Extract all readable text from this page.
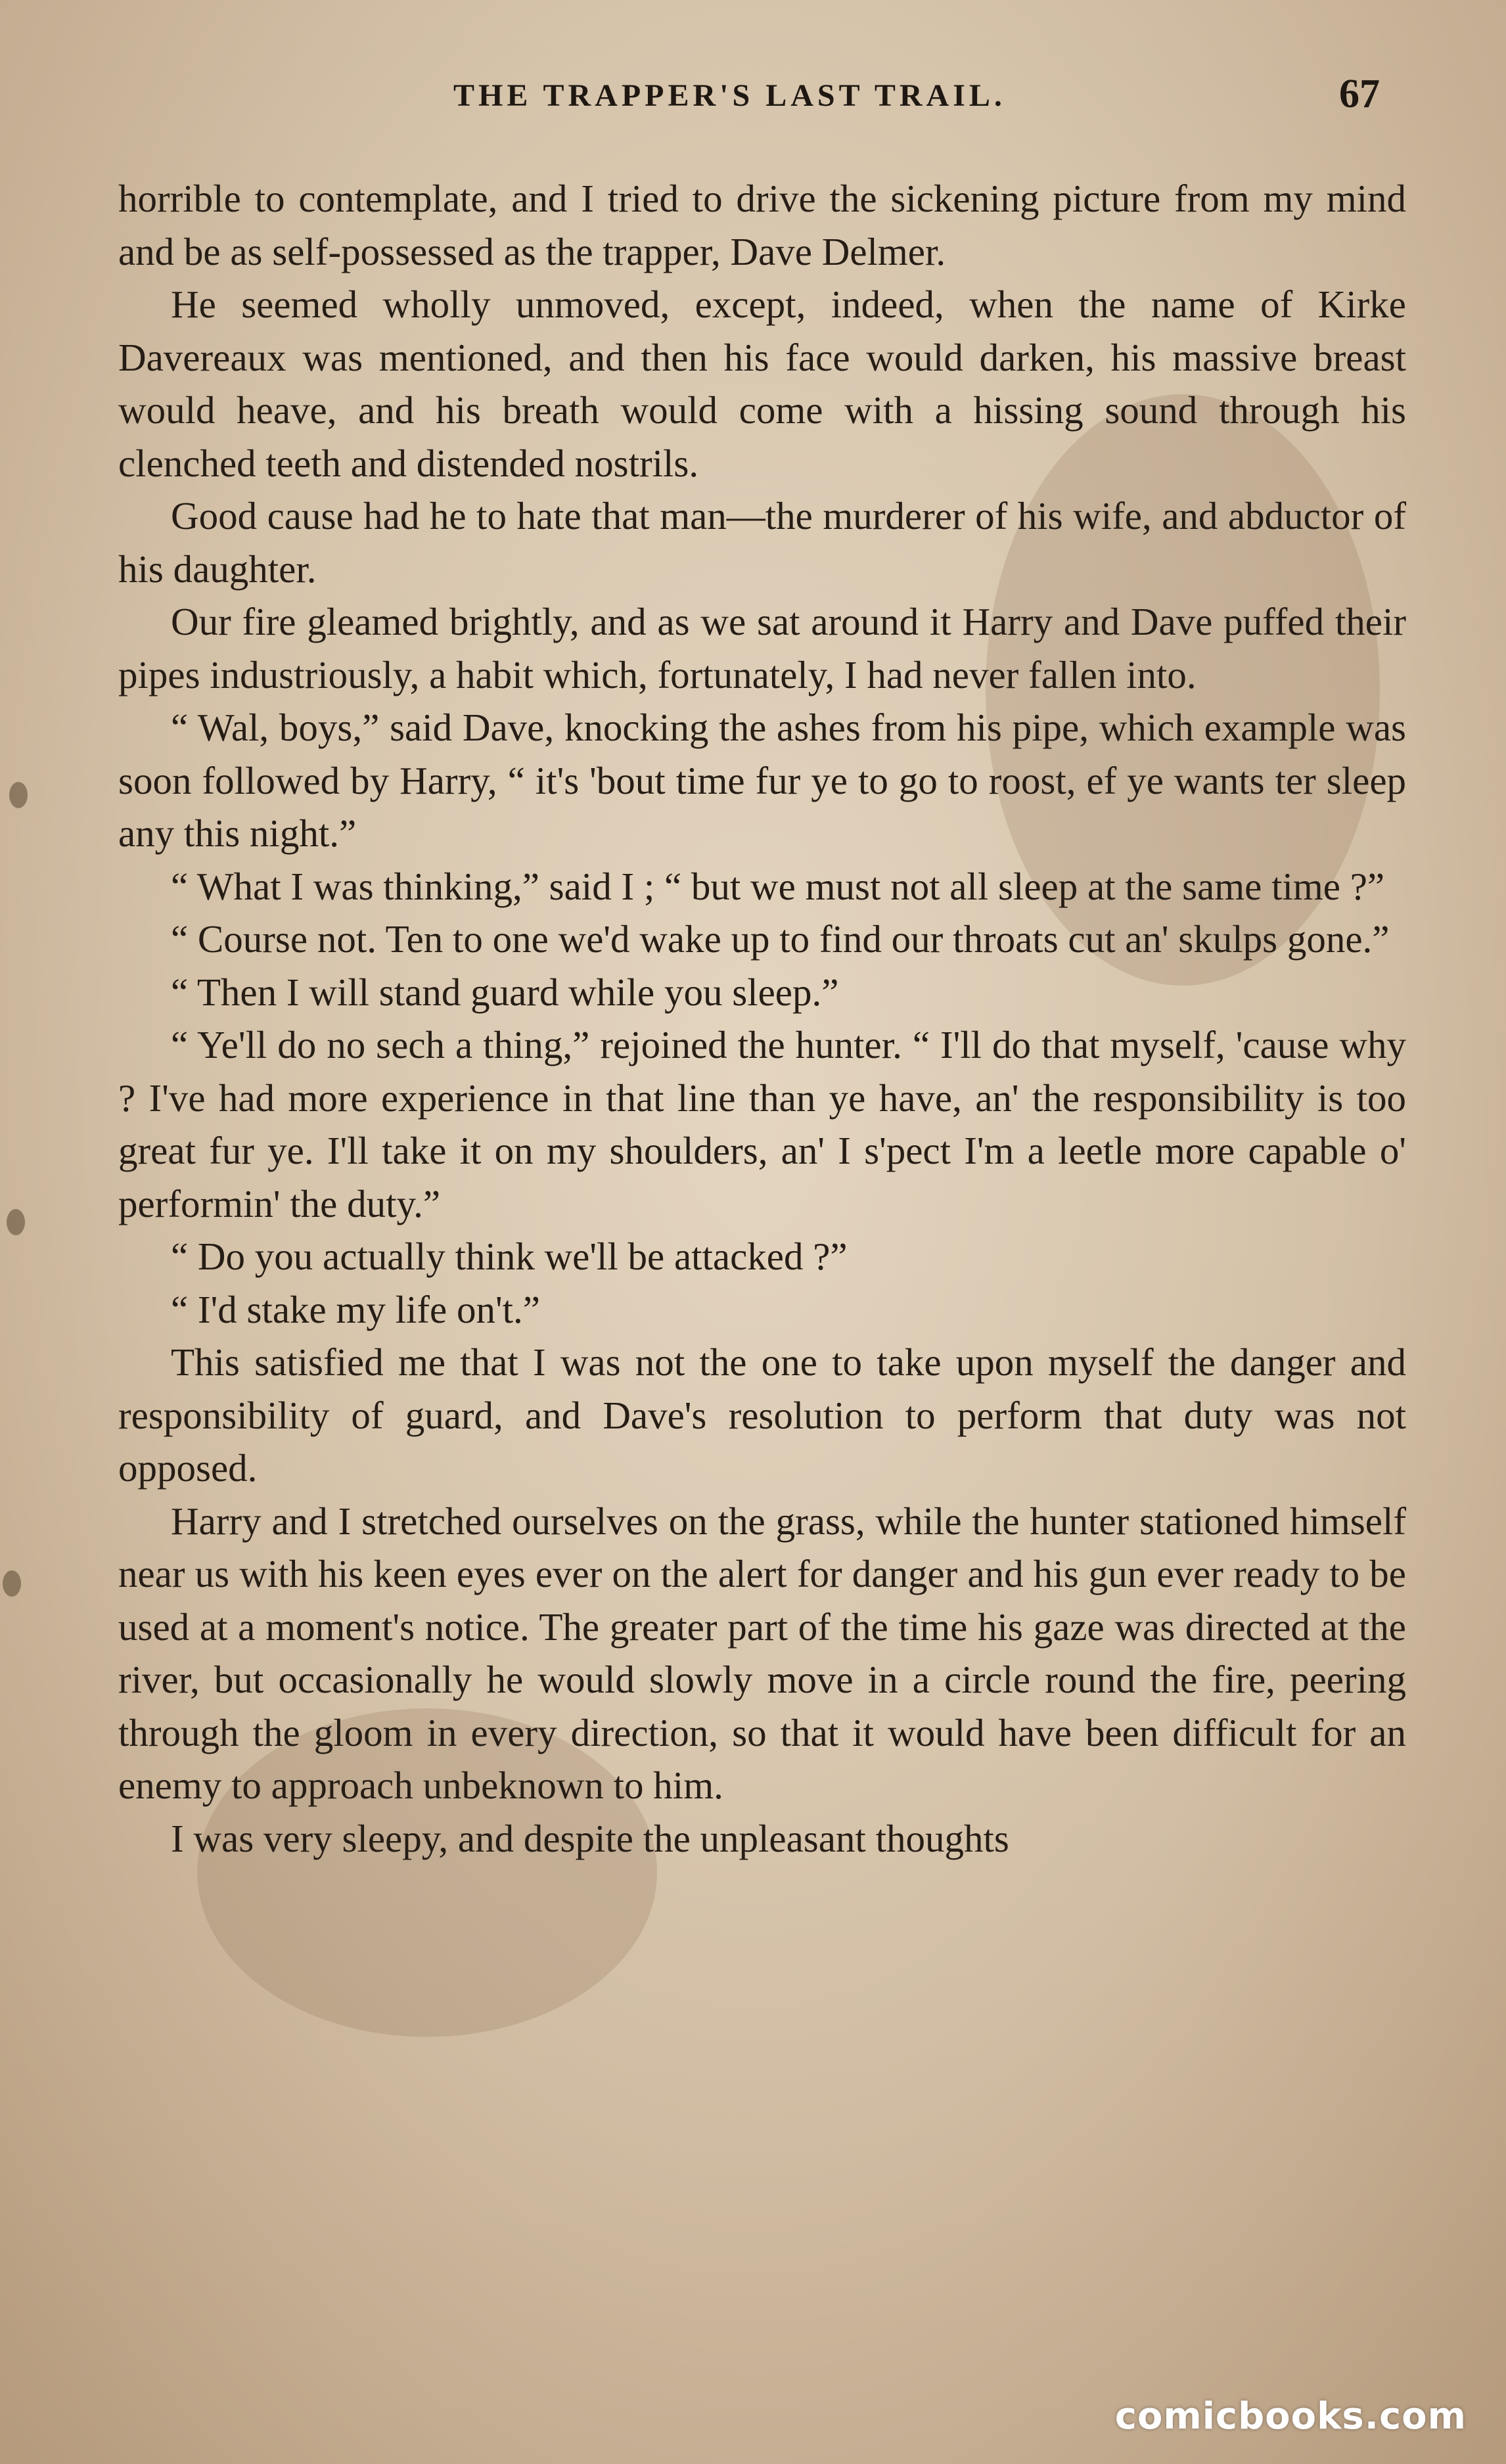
THE TRAPPER'S LAST TRAIL.	67

horrible to contemplate, and I tried to drive the sickening picture from my mind and be as self-possessed as the trapper, Dave Delmer.

He seemed wholly unmoved, except, indeed, when the name of Kirke Davereaux was mentioned, and then his face would darken, his massive breast would heave, and his breath would come with a hissing sound through his clenched teeth and distended nostrils.

Good cause had he to hate that man—the murderer of his wife, and abductor of his daughter.

Our fire gleamed brightly, and as we sat around it Harry and Dave puffed their pipes industriously, a habit which, fortunately, I had never fallen into.

“ Wal, boys,” said Dave, knocking the ashes from his pipe, which example was soon followed by Harry, “ it's 'bout time fur ye to go to roost, ef ye wants ter sleep any this night.”

“ What I was thinking,” said I ; “ but we must not all sleep at the same time ?”

“ Course not. Ten to one we'd wake up to find our throats cut an' skulps gone.”

“ Then I will stand guard while you sleep.”

“ Ye'll do no sech a thing,” rejoined the hunter. “ I'll do that myself, 'cause why ? I've had more experience in that line than ye have, an' the responsibility is too great fur ye. I'll take it on my shoulders, an' I s'pect I'm a leetle more capable o' performin' the duty.”

“ Do you actually think we'll be attacked ?”

“ I'd stake my life on't.”

This satisfied me that I was not the one to take upon myself the danger and responsibility of guard, and Dave's resolution to perform that duty was not opposed.

Harry and I stretched ourselves on the grass, while the hunter stationed himself near us with his keen eyes ever on the alert for danger and his gun ever ready to be used at a moment's notice. The greater part of the time his gaze was directed at the river, but occasionally he would slowly move in a circle round the fire, peering through the gloom in every direction, so that it would have been difficult for an enemy to approach unbeknown to him.

I was very sleepy, and despite the unpleasant thoughts

comicbooks.com
